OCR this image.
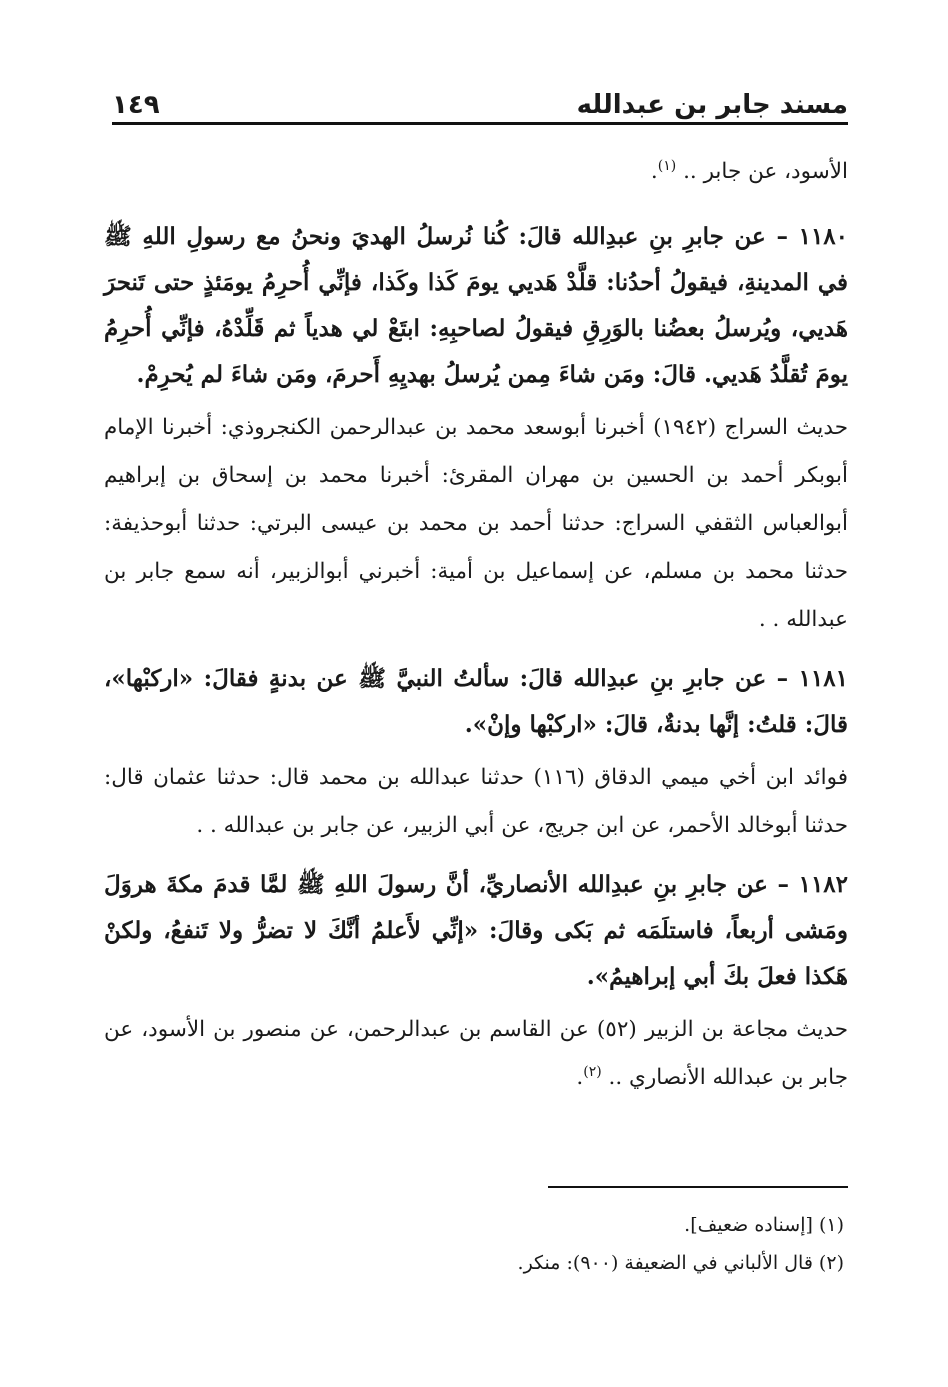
مسند جابر بن عبدالله
١٤٩

الأسود، عن جابر .. $^{(١)}$.

١١٨٠ – عن جابرِ بنِ عبدِالله قالَ: كُنا نُرسلُ الهديَ ونحنُ مع رسولِ اللهِ ﷺ في المدينةِ، فيقولُ أحدُنا: قلَّدْ هَديي يومَ كَذا وكَذا، فإنِّي أُحرِمُ يومَئذٍ حتى تَنحرَ هَديي، ويُرسلُ بعضُنا بالوَرِقِ فيقولُ لصاحبِهِ: ابتَعْ لي هدياً ثم قَلِّدْهُ، فإنِّي أُحرِمُ يومَ تُقلَّدُ هَديي. قالَ: ومَن شاءَ مِمن يُرسلُ بهديِهِ أَحرمَ، ومَن شاءَ لم يُحرِمْ.

حديث السراج (١٩٤٢) أخبرنا أبوسعد محمد بن عبدالرحمن الكنجروذي: أخبرنا الإمام أبوبكر أحمد بن الحسين بن مهران المقرئ: أخبرنا محمد بن إسحاق بن إبراهيم أبوالعباس الثقفي السراج: حدثنا أحمد بن محمد بن عيسى البرتي: حدثنا أبوحذيفة: حدثنا محمد بن مسلم، عن إسماعيل بن أمية: أخبرني أبوالزبير، أنه سمع جابر بن عبدالله . .

١١٨١ – عن جابرِ بنِ عبدِالله قالَ: سألتُ النبيَّ ﷺ عن بدنةٍ فقالَ: «اركبْها»، قالَ: قلتُ: إنَّها بدنةٌ، قالَ: «اركبْها وإنْ».

فوائد ابن أخي ميمي الدقاق (١١٦) حدثنا عبدالله بن محمد قال: حدثنا عثمان قال: حدثنا أبوخالد الأحمر، عن ابن جريج، عن أبي الزبير، عن جابر بن عبدالله . .

١١٨٢ – عن جابرِ بنِ عبدِالله الأنصاريِّ، أنَّ رسولَ اللهِ ﷺ لمَّا قدمَ مكةَ هروَلَ ومَشى أربعاً، فاستلَمَه ثم بَكى وقالَ: «إنِّي لأَعلمُ أنَّكَ لا تضرُّ ولا تَنفعُ، ولكنْ هَكذا فعلَ بكَ أبي إبراهيمُ».

حديث مجاعة بن الزبير (٥٢) عن القاسم بن عبدالرحمن، عن منصور بن الأسود، عن جابر بن عبدالله الأنصاري .. $^{(٢)}$.

(١) [إسناده ضعيف].
(٢) قال الألباني في الضعيفة (٩٠٠): منكر.
